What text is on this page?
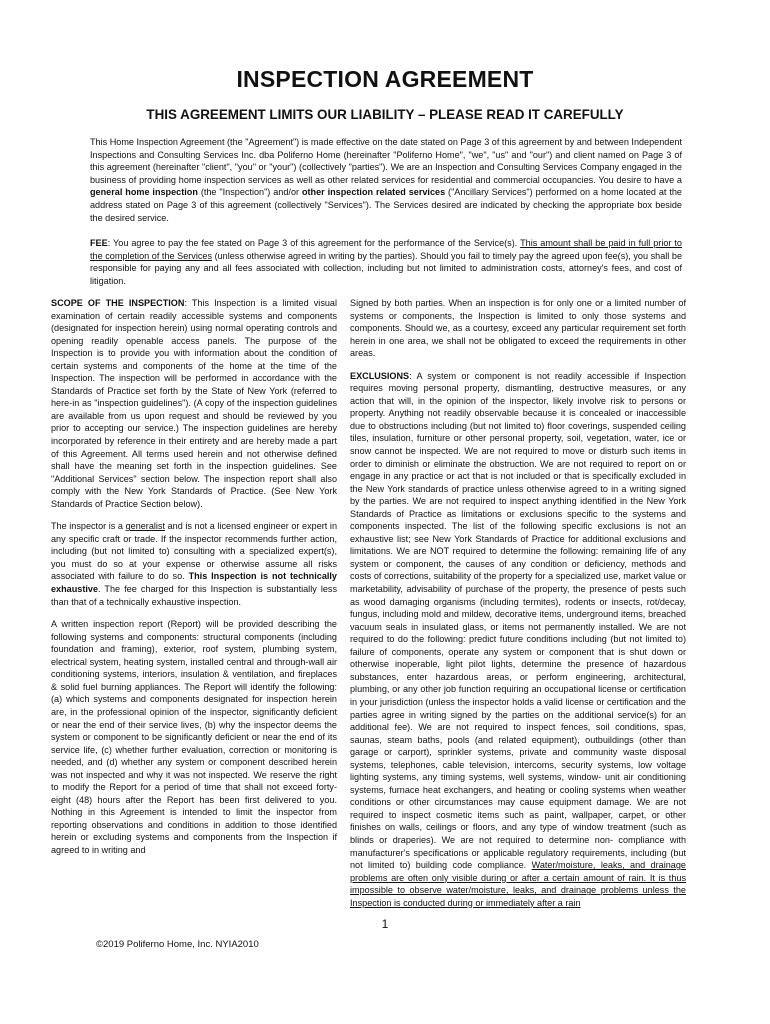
INSPECTION AGREEMENT
THIS AGREEMENT LIMITS OUR LIABILITY – PLEASE READ IT CAREFULLY

This Home Inspection Agreement (the "Agreement") is made effective on the date stated on Page 3 of this agreement by and between Independent Inspections and Consulting Services Inc. dba Poliferno Home (hereinafter "Poliferno Home", "we", "us" and "our") and client named on Page 3 of this agreement (hereinafter "client", "you" or "your") (collectively "parties"). We are an Inspection and Consulting Services Company engaged in the business of providing home inspection services as well as other related services for residential and commercial occupancies. You desire to have a general home inspection (the "Inspection") and/or other inspection related services ("Ancillary Services") performed on a home located at the address stated on Page 3 of this agreement (collectively "Services"). The Services desired are indicated by checking the appropriate box beside the desired service.

FEE: You agree to pay the fee stated on Page 3 of this agreement for the performance of the Service(s). This amount shall be paid in full prior to the completion of the Services (unless otherwise agreed in writing by the parties). Should you fail to timely pay the agreed upon fee(s), you shall be responsible for paying any and all fees associated with collection, including but not limited to administration costs, attorney's fees, and cost of litigation.

SCOPE OF THE INSPECTION: This Inspection is a limited visual examination of certain readily accessible systems and components (designated for inspection herein) using normal operating controls and opening readily openable access panels. The purpose of the Inspection is to provide you with information about the condition of certain systems and components of the home at the time of the Inspection. The inspection will be performed in accordance with the Standards of Practice set forth by the State of New York (referred to here-in as "inspection guidelines"). (A copy of the inspection guidelines are available from us upon request and should be reviewed by you prior to accepting our service.) The inspection guidelines are hereby incorporated by reference in their entirety and are hereby made a part of this Agreement. All terms used herein and not otherwise defined shall have the meaning set forth in the inspection guidelines. See "Additional Services" section below. The inspection report shall also comply with the New York Standards of Practice. (See New York Standards of Practice Section below).

The inspector is a generalist and is not a licensed engineer or expert in any specific craft or trade. If the inspector recommends further action, including (but not limited to) consulting with a specialized expert(s), you must do so at your expense or otherwise assume all risks associated with failure to do so. This Inspection is not technically exhaustive. The fee charged for this Inspection is substantially less than that of a technically exhaustive inspection.

A written inspection report (Report) will be provided describing the following systems and components: structural components (including foundation and framing), exterior, roof system, plumbing system, electrical system, heating system, installed central and through-wall air conditioning systems, interiors, insulation & ventilation, and fireplaces & solid fuel burning appliances. The Report will identify the following: (a) which systems and components designated for inspection herein are, in the professional opinion of the inspector, significantly deficient or near the end of their service lives, (b) why the inspector deems the system or component to be significantly deficient or near the end of its service life, (c) whether further evaluation, correction or monitoring is needed, and (d) whether any system or component described herein was not inspected and why it was not inspected. We reserve the right to modify the Report for a period of time that shall not exceed forty-eight (48) hours after the Report has been first delivered to you. Nothing in this Agreement is intended to limit the inspector from reporting observations and conditions in addition to those identified herein or excluding systems and components from the Inspection if agreed to in writing and

Signed by both parties. When an inspection is for only one or a limited number of systems or components, the Inspection is limited to only those systems and components. Should we, as a courtesy, exceed any particular requirement set forth herein in one area, we shall not be obligated to exceed the requirements in other areas.

EXCLUSIONS: A system or component is not readily accessible if Inspection requires moving personal property, dismantling, destructive measures, or any action that will, in the opinion of the inspector, likely involve risk to persons or property. Anything not readily observable because it is concealed or inaccessible due to obstructions including (but not limited to) floor coverings, suspended ceiling tiles, insulation, furniture or other personal property, soil, vegetation, water, ice or snow cannot be inspected. We are not required to move or disturb such items in order to diminish or eliminate the obstruction. We are not required to report on or engage in any practice or act that is not included or that is specifically excluded in the New York standards of practice unless otherwise agreed to in a writing signed by the parties. We are not required to inspect anything identified in the New York Standards of Practice as limitations or exclusions specific to the systems and components inspected. The list of the following specific exclusions is not an exhaustive list; see New York Standards of Practice for additional exclusions and limitations. We are NOT required to determine the following: remaining life of any system or component, the causes of any condition or deficiency, methods and costs of corrections, suitability of the property for a specialized use, market value or marketability, advisability of purchase of the property, the presence of pests such as wood damaging organisms (including termites), rodents or insects, rot/decay, fungus, including mold and mildew, decorative items, underground items, breached vacuum seals in insulated glass, or items not permanently installed. We are not required to do the following: predict future conditions including (but not limited to) failure of components, operate any system or component that is shut down or otherwise inoperable, light pilot lights, determine the presence of hazardous substances, enter hazardous areas, or perform engineering, architectural, plumbing, or any other job function requiring an occupational license or certification in your jurisdiction (unless the inspector holds a valid license or certification and the parties agree in writing signed by the parties on the additional service(s) for an additional fee). We are not required to inspect fences, soil conditions, spas, saunas, steam baths, pools (and related equipment), outbuildings (other than garage or carport), sprinkler systems, private and community waste disposal systems, telephones, cable television, intercoms, security systems, low voltage lighting systems, any timing systems, well systems, window- unit air conditioning systems, furnace heat exchangers, and heating or cooling systems when weather conditions or other circumstances may cause equipment damage. We are not required to inspect cosmetic items such as paint, wallpaper, carpet, or other finishes on walls, ceilings or floors, and any type of window treatment (such as blinds or draperies). We are not required to determine non- compliance with manufacturer's specifications or applicable regulatory requirements, including (but not limited to) building code compliance. Water/moisture, leaks, and drainage problems are often only visible during or after a certain amount of rain. It is thus impossible to observe water/moisture, leaks, and drainage problems unless the Inspection is conducted during or immediately after a rain

1
©2019 Poliferno Home, Inc. NYIA2010
